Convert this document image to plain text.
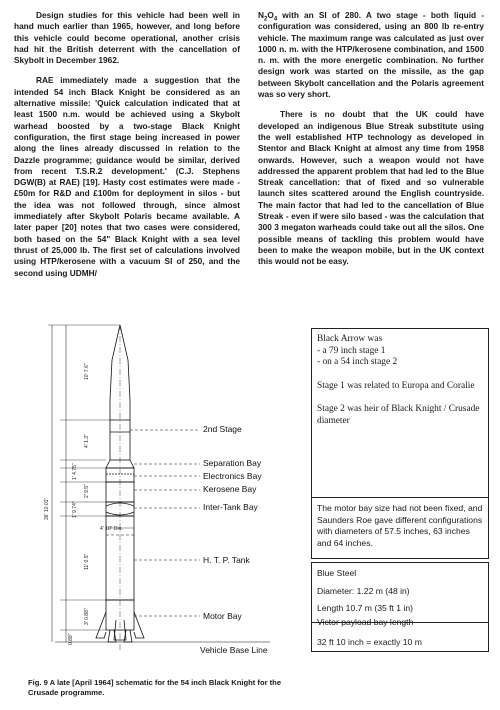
Design studies for this vehicle had been well in hand much earlier than 1965, however, and long before this vehicle could become operational, another crisis had hit the British deterrent with the cancellation of Skybolt in December 1962.

RAE immediately made a suggestion that the intended 54 inch Black Knight be considered as an alternative missile: 'Quick calculation indicated that at least 1500 n.m. would be achieved using a Skybolt warhead boosted by a two-stage Black Knight configuration, the first stage being increased in power along the lines already discussed in relation to the Dazzle programme; guidance would be similar, derived from recent T.S.R.2 development.' (C.J. Stephens DGW(B) at RAE) [19]. Hasty cost estimates were made - £50m for R&D and £100m for deployment in silos - but the idea was not followed through, since almost immediately after Skybolt Polaris became available. A later paper [20] notes that two cases were considered, both based on the 54" Black Knight with a sea level thrust of 25,000 lb. The first set of calculations involved using HTP/kerosene with a vacuum SI of 250, and the second using UDMH/

$N_2O_4$ with an SI of 280. A two stage - both liquid - configuration was considered, using an 800 lb re-entry vehicle. The maximum range was calculated as just over 1000 n. m. with the HTP/kerosene combination, and 1500 n. m. with the more energetic combination. No further design work was started on the missile, as the gap between Skybolt cancellation and the Polaris agreement was so very short.

There is no doubt that the UK could have developed an indigenous Blue Streak substitute using the well established HTP technology as developed in Stentor and Black Knight at almost any time from 1958 onwards. However, such a weapon would not have addressed the apparent problem that had led to the Blue Streak cancellation: that of fixed and so vulnerable launch sites scattered around the English countryside. The main factor that had led to the cancellation of Blue Streak - even if were silo based - was the calculation that 300 3 megaton warheads could take out all the silos. One possible means of tackling this problem would have been to make the weapon mobile, but in the UK context this would not be easy.

2nd Stage
Separation Bay
Electronics Bay
Kerosene Bay
Inter-Tank Bay
H. T. P. Tank
Motor Bay
Vehicle Base Line
36' 10.01"
10' 7.6"
4' 1.3"
1' 4.75"
2' 9.5"
1' 9.74"
4' 10" Dia.
11' 0.5"
3' 0.88"
0.88"
Fig. 9 A late [April 1964] schematic for the 54 inch Black Knight for the Crusade programme.
Black Arrow was
- a 79 inch stage 1
- on a 54 inch stage 2
Stage 1 was related to Europa and Coralie
Stage 2 was heir of Black Knight / Crusade diameter
The motor bay size had not been fixed, and Saunders Roe gave different configurations with diameters of 57.5 inches, 63 inches and 64 inches.
Blue Steel
Diameter: 1.22 m (48 in)
Length 10.7 m (35 ft 1 in)
Victor payload bay length
32 ft 10 inch = exactly 10 m
